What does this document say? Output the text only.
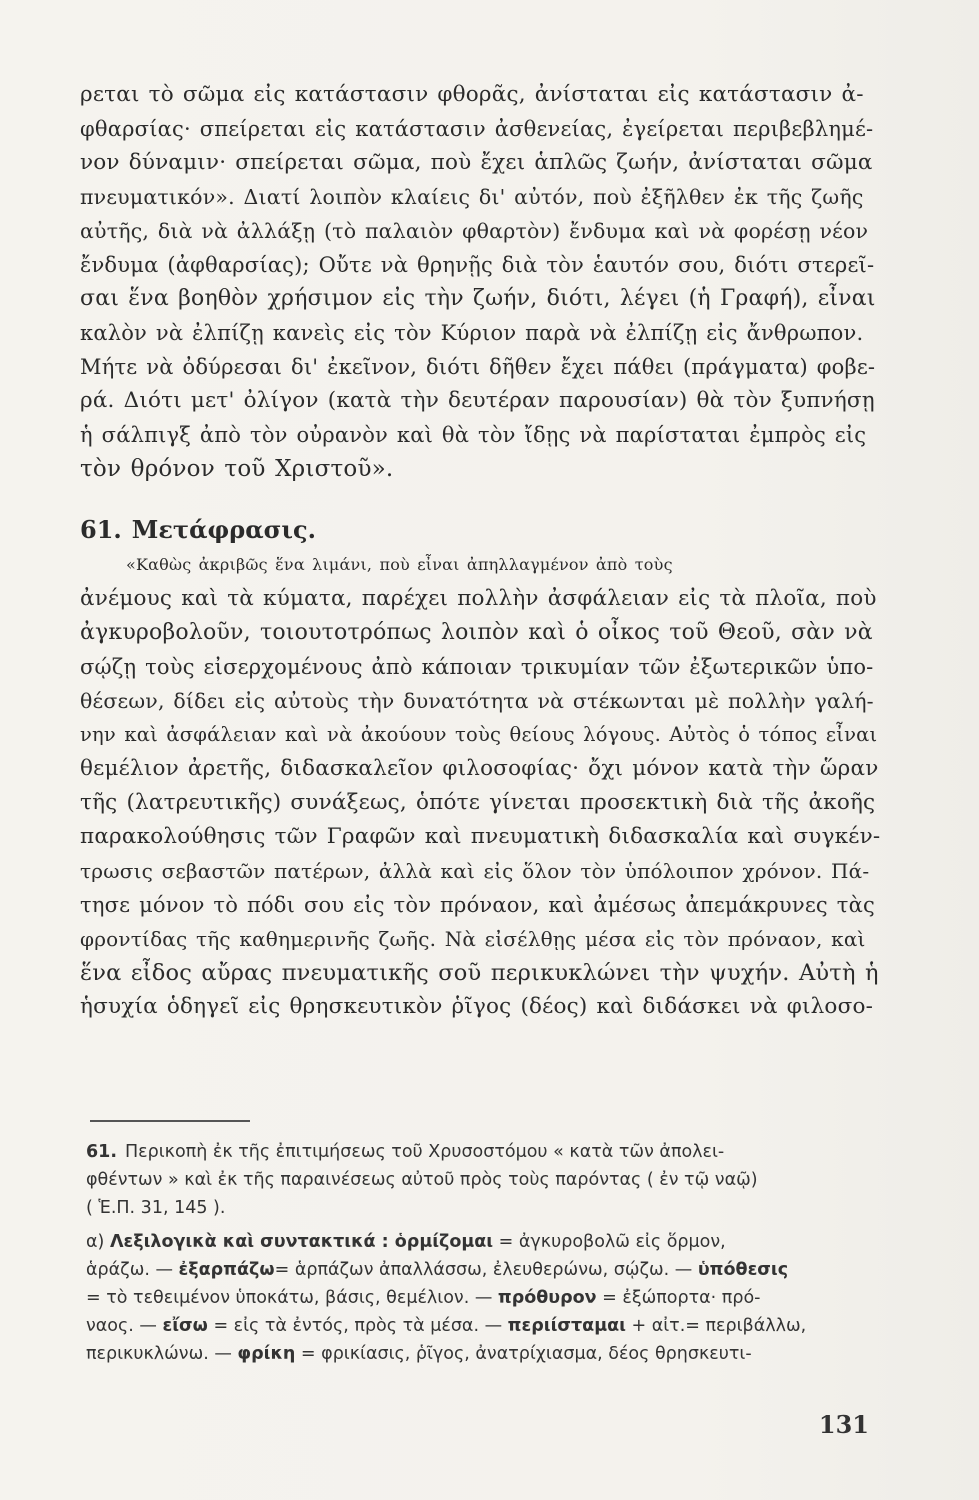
ρεται τὸ σῶμα εἰς κατάστασιν φθορᾶς, ἀνίσταται εἰς κατάστασιν ἀ-
φθαρσίας· σπείρεται εἰς κατάστασιν ἀσθενείας, ἐγείρεται περιβεβλημέ-
νον δύναμιν· σπείρεται σῶμα, ποὺ ἔχει ἁπλῶς ζωήν, ἀνίσταται σῶμα
πνευματικόν». Διατί λοιπὸν κλαίεις δι' αὐτόν, ποὺ ἐξῆλθεν ἐκ τῆς ζωῆς
αὐτῆς, διὰ νὰ ἀλλάξῃ (τὸ παλαιὸν φθαρτὸν) ἔνδυμα καὶ νὰ φορέσῃ νέον
ἔνδυμα (ἀφθαρσίας); Οὔτε νὰ θρηνῇς διὰ τὸν ἑαυτόν σου, διότι στερεῖ-
σαι ἕνα βοηθὸν χρήσιμον εἰς τὴν ζωήν, διότι, λέγει (ἡ Γραφή), εἶναι
καλὸν νὰ ἐλπίζῃ κανεὶς εἰς τὸν Κύριον παρὰ νὰ ἐλπίζῃ εἰς ἄνθρωπον.
Μήτε νὰ ὀδύρεσαι δι' ἐκεῖνον, διότι δῆθεν ἔχει πάθει (πράγματα) φοβε-
ρά. Διότι μετ' ὀλίγον (κατὰ τὴν δευτέραν παρουσίαν) θὰ τὸν ξυπνήσῃ
ἡ σάλπιγξ ἀπὸ τὸν οὐρανὸν καὶ θὰ τὸν ἴδῃς νὰ παρίσταται ἐμπρὸς εἰς
τὸν θρόνον τοῦ Χριστοῦ».
61. Μετάφρασις.
«Καθὼς ἀκριβῶς ἕνα λιμάνι, ποὺ εἶναι ἀπηλλαγμένον ἀπὸ τοὺς
ἀνέμους καὶ τὰ κύματα, παρέχει πολλὴν ἀσφάλειαν εἰς τὰ πλοῖα, ποὺ
ἀγκυροβολοῦν, τοιουτοτρόπως λοιπὸν καὶ ὁ οἶκος τοῦ Θεοῦ, σὰν νὰ
σῴζῃ τοὺς εἰσερχομένους ἀπὸ κάποιαν τρικυμίαν τῶν ἐξωτερικῶν ὑπο-
θέσεων, δίδει εἰς αὐτοὺς τὴν δυνατότητα νὰ στέκωνται μὲ πολλὴν γαλή-
νην καὶ ἀσφάλειαν καὶ νὰ ἀκούουν τοὺς θείους λόγους. Αὐτὸς ὁ τόπος εἶναι
θεμέλιον ἀρετῆς, διδασκαλεῖον φιλοσοφίας· ὄχι μόνον κατὰ τὴν ὥραν
τῆς (λατρευτικῆς) συνάξεως, ὁπότε γίνεται προσεκτικὴ διὰ τῆς ἀκοῆς
παρακολούθησις τῶν Γραφῶν καὶ πνευματικὴ διδασκαλία καὶ συγκέν-
τρωσις σεβαστῶν πατέρων, ἀλλὰ καὶ εἰς ὅλον τὸν ὑπόλοιπον χρόνον. Πά-
τησε μόνον τὸ πόδι σου εἰς τὸν πρόναον, καὶ ἀμέσως ἀπεμάκρυνες τὰς
φροντίδας τῆς καθημερινῆς ζωῆς. Νὰ εἰσέλθῃς μέσα εἰς τὸν πρόναον, καὶ
ἕνα εἶδος αὔρας πνευματικῆς σοῦ περικυκλώνει τὴν ψυχήν. Αὐτὴ ἡ
ἡσυχία ὁδηγεῖ εἰς θρησκευτικὸν ῥῖγος (δέος) καὶ διδάσκει νὰ φιλοσο-
61. Περικοπὴ ἐκ τῆς ἐπιτιμήσεως τοῦ Χρυσοστόμου « κατὰ τῶν ἀπολει-
φθέντων » καὶ ἐκ τῆς παραινέσεως αὐτοῦ πρὸς τοὺς παρόντας ( ἐν τῷ ναῷ)
( Ἑ.Π. 31, 145 ).
α) Λεξιλογικὰ καὶ συντακτικά : ὁρμίζομαι = ἀγκυροβολῶ εἰς ὅρμον,
ἁράζω. — ἐξαρπάζω= ἁρπάζων ἀπαλλάσσω, ἐλευθερώνω, σῴζω. — ὑπόθεσις
= τὸ τεθειμένον ὑποκάτω, βάσις, θεμέλιον. — πρόθυρον = ἐξώπορτα· πρό-
ναος. — εἴσω = εἰς τὰ ἐντός, πρὸς τὰ μέσα. — περιίσταμαι + αἰτ.= περιβάλλω,
περικυκλώνω. — φρίκη = φρικίασις, ῥῖγος, ἀνατρίχιασμα, δέος θρησκευτι-
131
